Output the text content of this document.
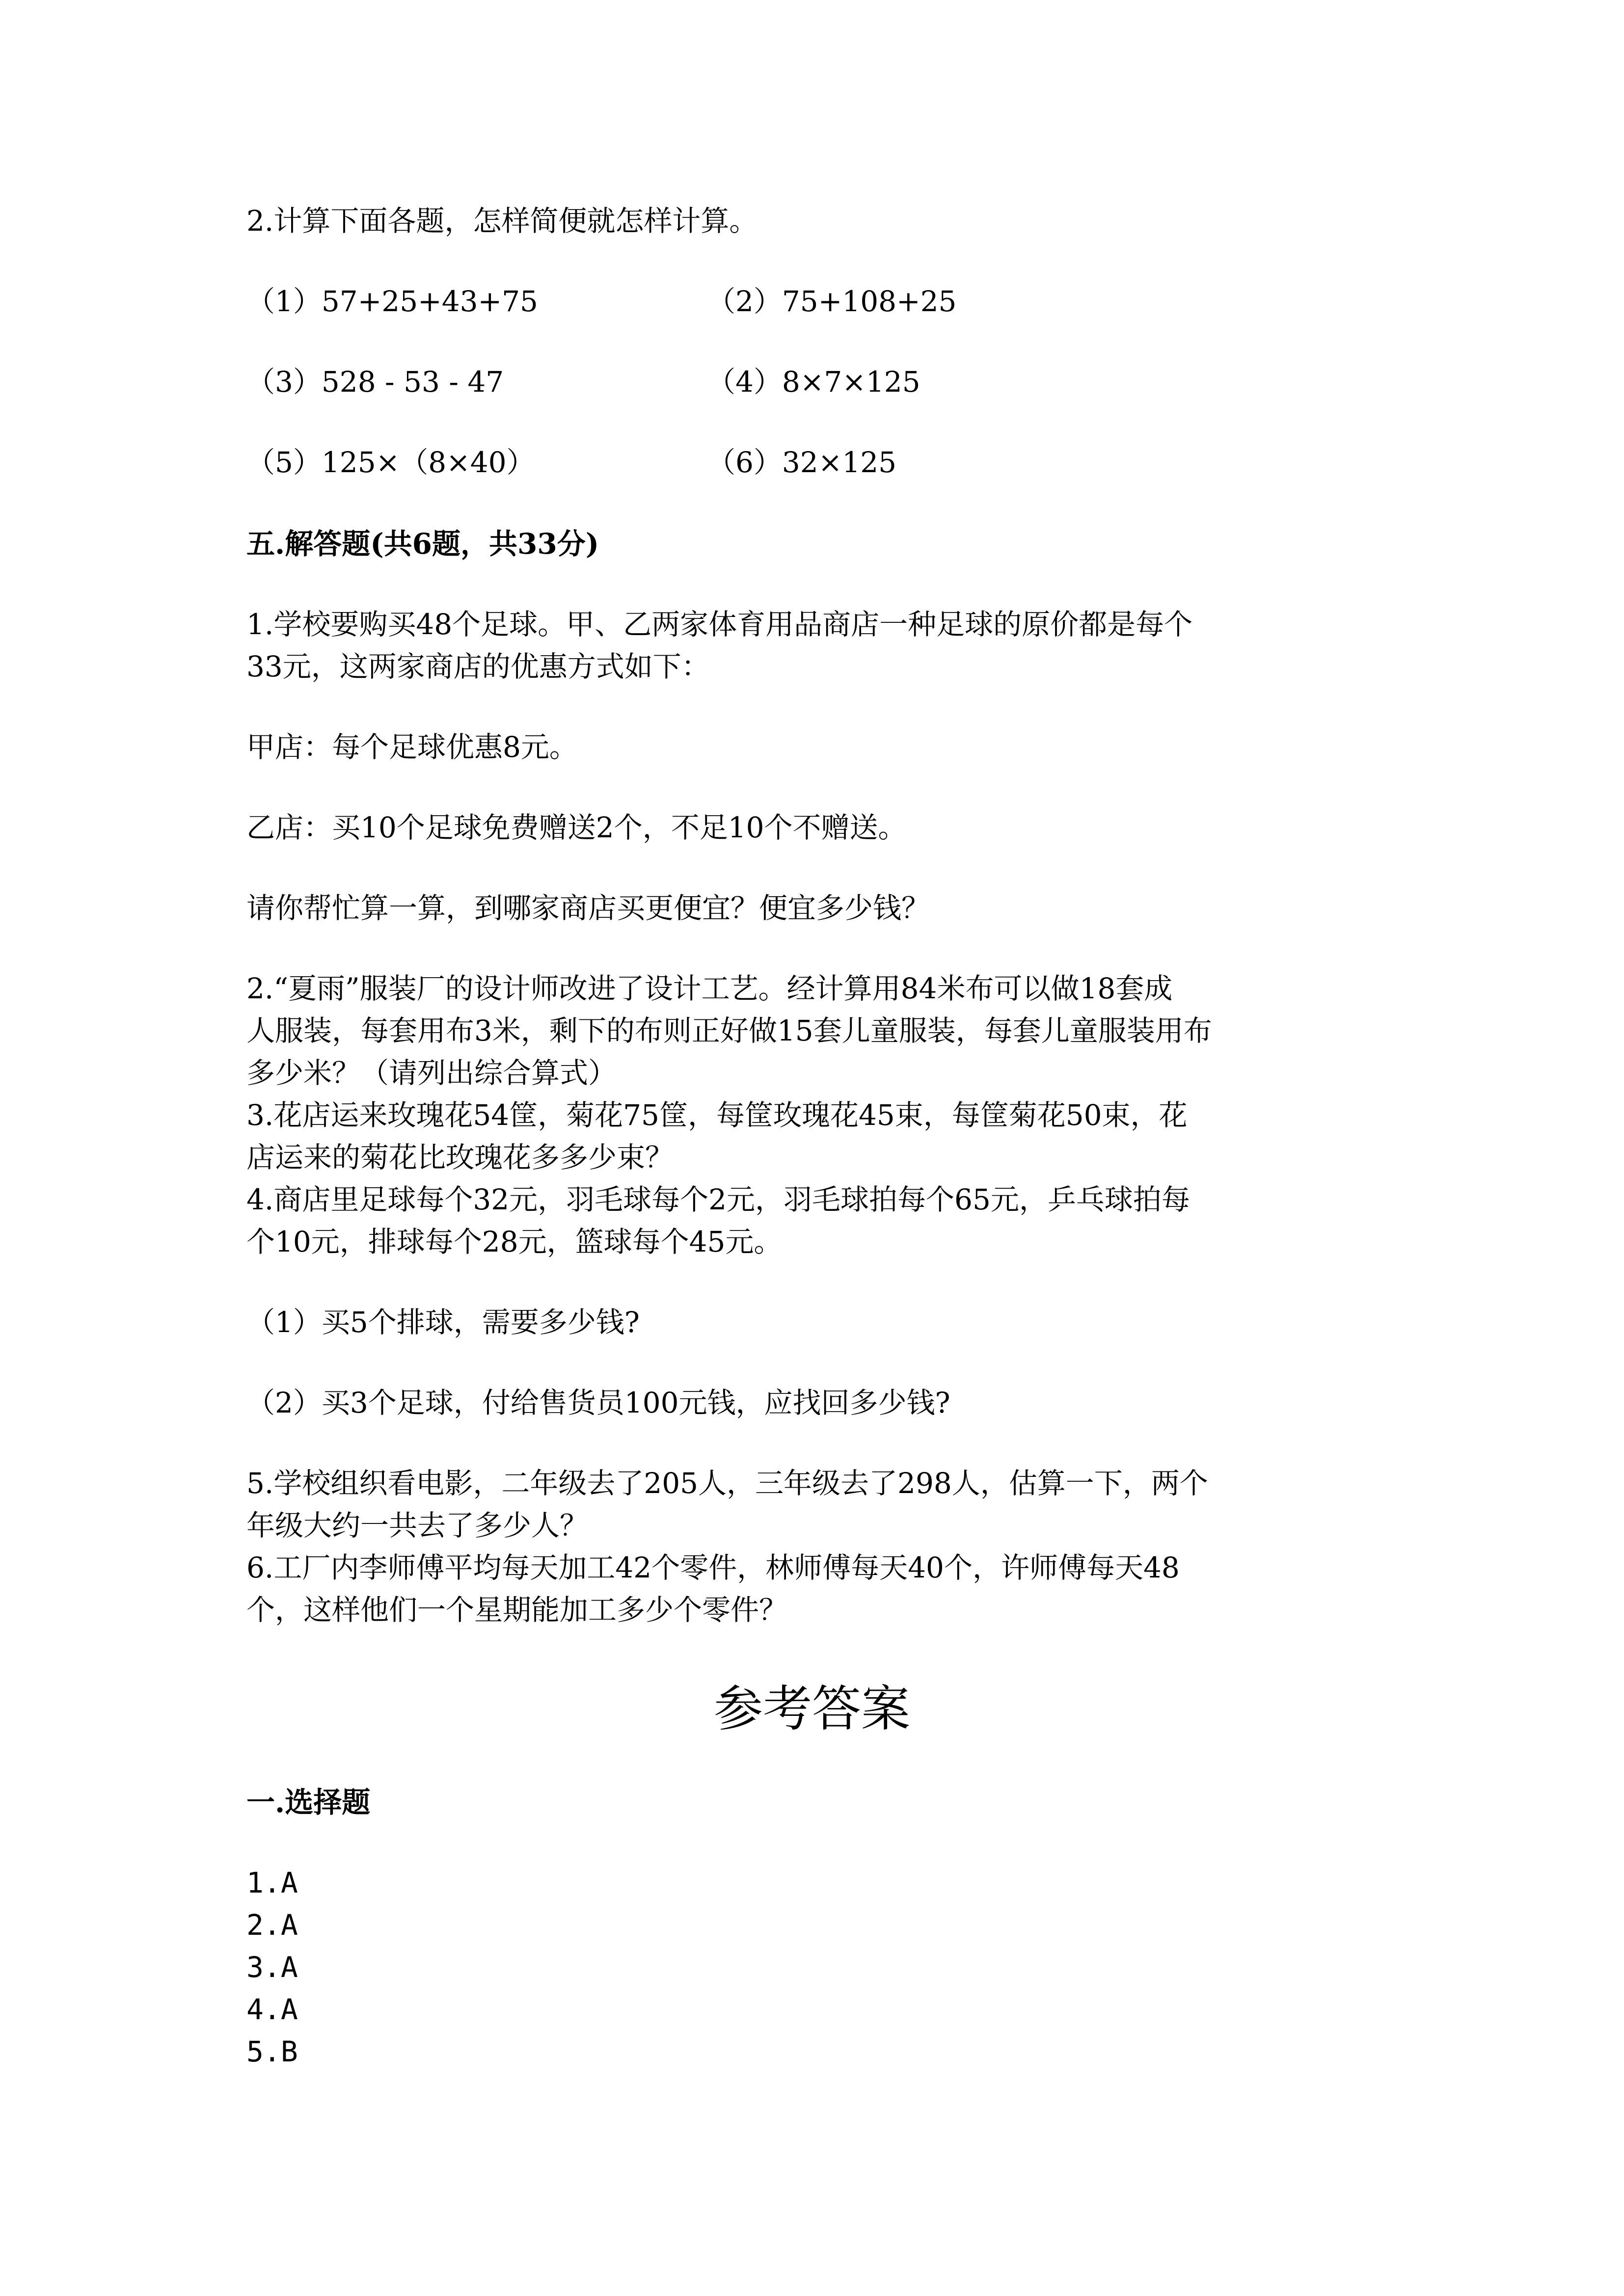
2.计算下面各题，怎样简便就怎样计算。
（1）57+25+43+75	（2）75+108+25
（3）528 - 53 - 47	（4）8×7×125
（5）125×（8×40）	（6）32×125
五.解答题(共6题，共33分)
1.学校要购买48个足球。甲、乙两家体育用品商店一种足球的原价都是每个
33元，这两家商店的优惠方式如下：
甲店：每个足球优惠8元。
乙店：买10个足球免费赠送2个，不足10个不赠送。
请你帮忙算一算，到哪家商店买更便宜？便宜多少钱？
2.“夏雨”服装厂的设计师改进了设计工艺。经计算用84米布可以做18套成
人服装，每套用布3米，剩下的布则正好做15套儿童服装，每套儿童服装用布
多少米？（请列出综合算式）
3.花店运来玫瑰花54筐，菊花75筐，每筐玫瑰花45束，每筐菊花50束，花
店运来的菊花比玫瑰花多多少束？
4.商店里足球每个32元，羽毛球每个2元，羽毛球拍每个65元，乒乓球拍每
个10元，排球每个28元，篮球每个45元。
（1）买5个排球，需要多少钱?
（2）买3个足球，付给售货员100元钱，应找回多少钱?
5.学校组织看电影，二年级去了205人，三年级去了298人，估算一下，两个
年级大约一共去了多少人？
6.工厂内李师傅平均每天加工42个零件，林师傅每天40个，许师傅每天48
个，这样他们一个星期能加工多少个零件？
参考答案
一.选择题
1.A
2.A
3.A
4.A
5.B
